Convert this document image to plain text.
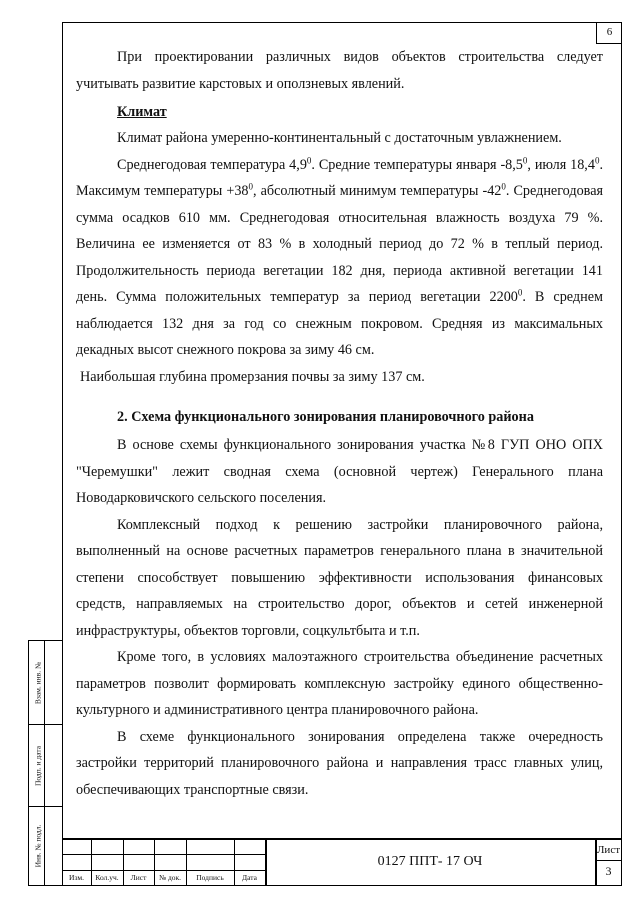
6
Взам. инв. №
Подп. и дата
Инв. № подл.

При проектировании различных видов объектов строительства следует учитывать развитие карстовых и оползневых явлений.

Климат

Климат района умеренно-континентальный с достаточным увлажнением.

Среднегодовая температура $4,9^0$. Средние температуры января $-8,5^0$, июля 18,4$^0$. Максимум температуры $+38^0$, абсолютный минимум температуры $-42^0$. Среднегодовая сумма осадков 610 мм. Среднегодовая относительная влажность воздуха 79 %. Величина ее изменяется от 83 % в холодный период до 72 % в теплый период. Продолжительность периода вегетации 182 дня, периода активной вегетации 141 день. Сумма положительных температур за период вегетации 2200$^0$. В среднем наблюдается 132 дня за год со снежным покровом. Средняя из максимальных декадных высот снежного покрова за зиму 46 см.

Наибольшая глубина промерзания почвы за зиму 137 см.

2. Схема функционального зонирования планировочного района

В основе схемы функционального зонирования участка №8 ГУП ОНО ОПХ "Черемушки" лежит сводная схема (основной чертеж) Генерального плана Новодарковичского сельского поселения.

Комплексный подход к решению застройки планировочного района, выполненный на основе расчетных параметров генерального плана в значительной степени способствует повышению эффективности использования финансовых средств, направляемых на строительство дорог, объектов и сетей инженерной инфраструктуры, объектов торговли, соцкультбыта и т.п.

Кроме того, в условиях малоэтажного строительства объединение расчетных параметров позволит формировать комплексную застройку единого общественно-культурного и административного центра планировочного района.

В схеме функционального зонирования определена также очередность застройки территорий планировочного района и направления трасс главных улиц, обеспечивающих транспортные связи.

Изм.	Кол.уч.	Лист	№ док.	Подпись	Дата
0127 ППТ- 17 ОЧ
Лист
3
